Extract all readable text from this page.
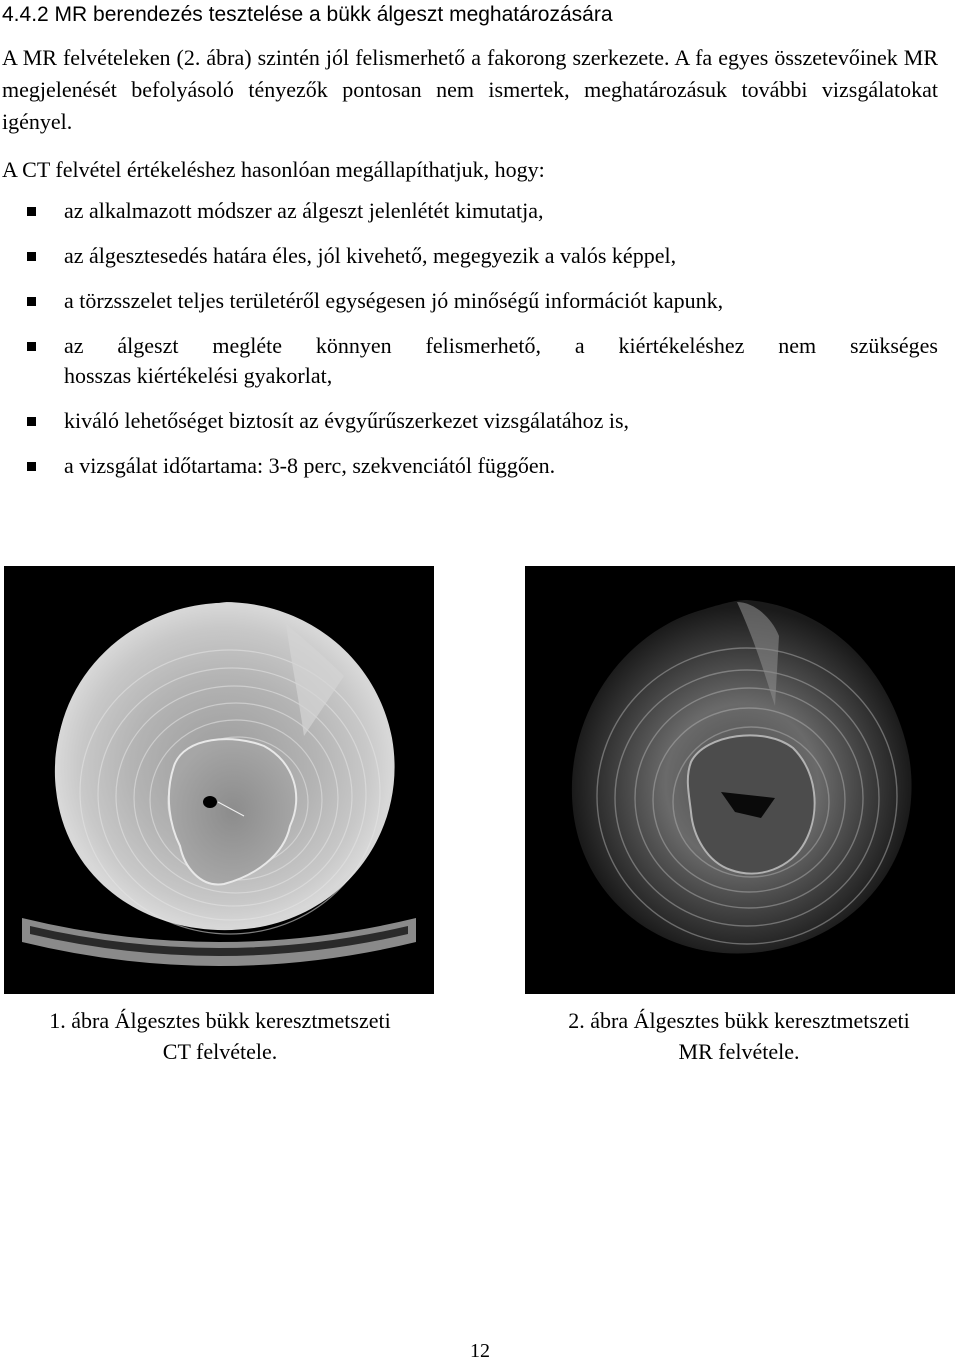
4.4.2 MR berendezés tesztelése a bükk álgeszt meghatározására

A MR felvételeken (2. ábra) szintén jól felismerhető a fakorong szerkezete. A fa egyes összetevőinek MR megjelenését befolyásoló tényezők pontosan nem ismertek, meghatározásuk további vizsgálatokat igényel.

A CT felvétel értékeléshez hasonlóan megállapíthatjuk, hogy:

az alkalmazott módszer az álgeszt jelenlétét kimutatja,
az álgesztesedés határa éles, jól kivehető, megegyezik a valós képpel,
a törzsszelet teljes területéről egységesen jó minőségű információt kapunk,
az álgeszt megléte könnyen felismerhető, a kiértékeléshez nem szükséges
hosszas kiértékelési gyakorlat,
kiváló lehetőséget biztosít az évgyűrűszerkezet vizsgálatához is,
a vizsgálat időtartama: 3-8 perc, szekvenciától függően.

1. ábra Álgesztes bükk keresztmetszeti
CT felvétele.

2. ábra Álgesztes bükk keresztmetszeti
MR felvétele.

12
